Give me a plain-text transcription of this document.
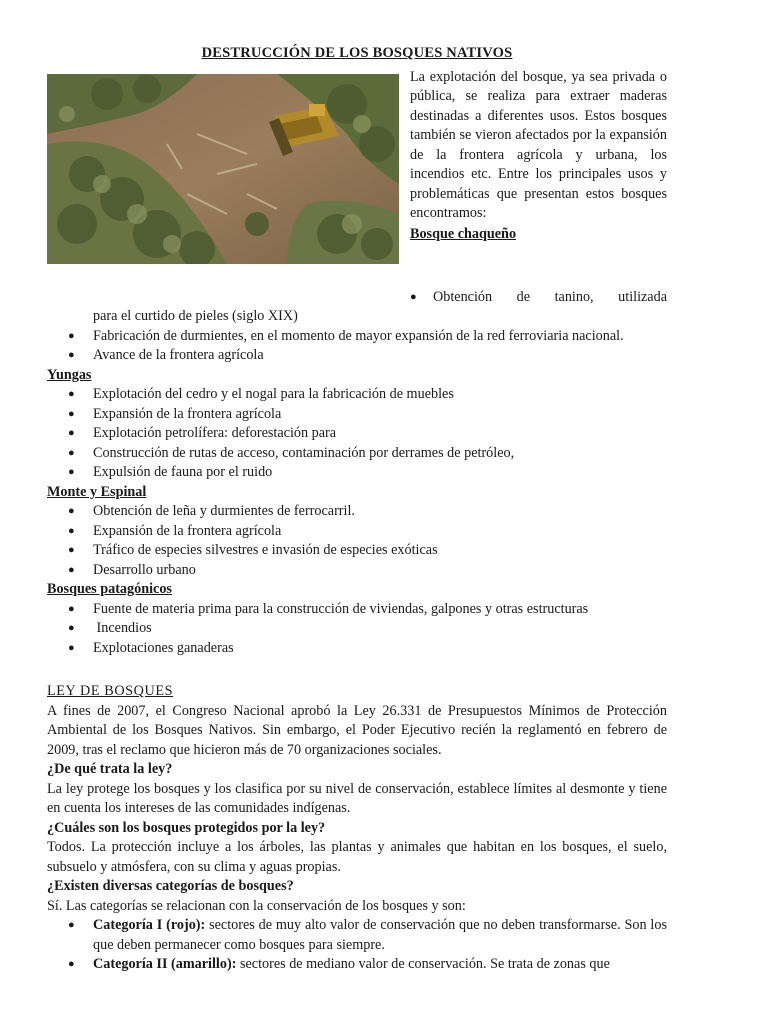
DESTRUCCIÓN DE LOS BOSQUES NATIVOS

La explotación del bosque, ya sea privada o pública, se realiza para extraer maderas destinadas a diferentes usos. Estos bosques también se vieron afectados por la expansión de la frontera agrícola y urbana, los incendios etc. Entre los principales usos y problemáticas que presentan estos bosques encontramos:

Bosque chaqueño

● Obtención de tanino, utilizada
para el curtido de pieles (siglo XIX)
● Fabricación de durmientes, en el momento de mayor expansión de la red ferroviaria nacional.
● Avance de la frontera agrícola

Yungas

● Explotación del cedro y el nogal para la fabricación de muebles
● Expansión de la frontera agrícola
● Explotación petrolífera: deforestación para
● Construcción de rutas de acceso, contaminación por derrames de petróleo,
● Expulsión de fauna por el ruido

Monte y Espinal

● Obtención de leña y durmientes de ferrocarril.
● Expansión de la frontera agrícola
● Tráfico de especies silvestres e invasión de especies exóticas
● Desarrollo urbano

Bosques patagónicos

● Fuente de materia prima para la construcción de viviendas, galpones y otras estructuras
●  Incendios
● Explotaciones ganaderas

LEY DE BOSQUES

A fines de 2007, el Congreso Nacional aprobó la Ley 26.331 de Presupuestos Mínimos de Protección Ambiental de los Bosques Nativos. Sin embargo, el Poder Ejecutivo recién la reglamentó en febrero de 2009, tras el reclamo que hicieron más de 70 organizaciones sociales.

¿De qué trata la ley?

La ley protege los bosques y los clasifica por su nivel de conservación, establece límites al desmonte y tiene en cuenta los intereses de las comunidades indígenas.

¿Cuáles son los bosques protegidos por la ley?

Todos. La protección incluye a los árboles, las plantas y animales que habitan en los bosques, el suelo, subsuelo y atmósfera, con su clima y aguas propias.

¿Existen diversas categorías de bosques?

Sí. Las categorías se relacionan con la conservación de los bosques y son:

● Categoría I (rojo): sectores de muy alto valor de conservación que no deben transformarse. Son los que deben permanecer como bosques para siempre.
● Categoría II (amarillo): sectores de mediano valor de conservación. Se trata de zonas que
